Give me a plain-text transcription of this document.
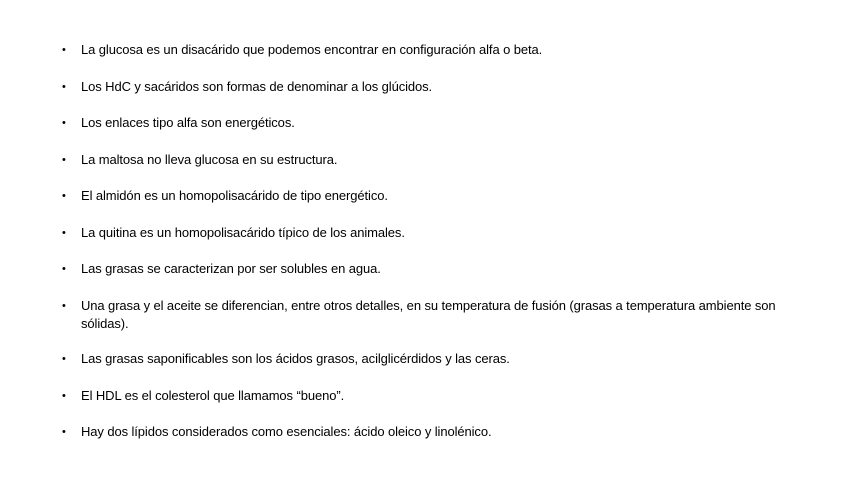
• La glucosa es un disacárido que podemos encontrar en configuración alfa o beta.
• Los HdC y sacáridos son formas de denominar a los glúcidos.
• Los enlaces tipo alfa son energéticos.
• La maltosa no lleva glucosa en su estructura.
• El almidón es un homopolisacárido de tipo energético.
• La quitina es un homopolisacárido típico de los animales.
• Las grasas se caracterizan por ser solubles en agua.
• Una grasa y el aceite se diferencian, entre otros detalles, en su temperatura de fusión (grasas a temperatura ambiente son sólidas).
• Las grasas saponificables son los ácidos grasos, acilglicérdidos y las ceras.
• El HDL es el colesterol que llamamos “bueno”.
• Hay dos lípidos considerados como esenciales: ácido oleico y linolénico.
